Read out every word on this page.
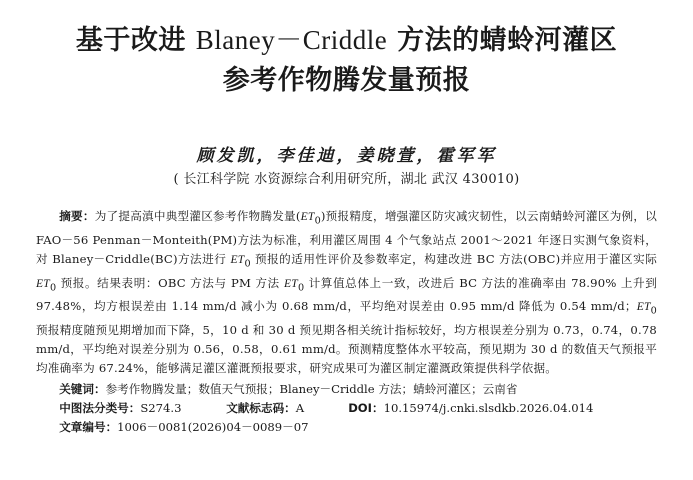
基于改进 Blaney－Criddle 方法的蜻蛉河灌区
参考作物腾发量预报
顾发凯，李佳迪，姜晓萱，霍军军
( 长江科学院 水资源综合利用研究所，湖北 武汉 430010)
摘要：为了提高滇中典型灌区参考作物腾发量$(ET_0)$预报精度，增强灌区防灾减灾韧性，以云南蜻蛉河灌区为例，以 FAO－56 Penman－Monteith(PM)方法为标准，利用灌区周围 4 个气象站点 2001～2021 年逐日实测气象资料，对 Blaney－Criddle(BC)方法进行 $ET_0$ 预报的适用性评价及参数率定，构建改进 BC 方法(OBC)并应用于灌区实际 $ET_0$ 预报。结果表明：OBC 方法与 PM 方法 $ET_0$ 计算值总体上一致，改进后 BC 方法的准确率由 78.90% 上升到 97.48%，均方根误差由 1.14 mm/d 减小为 0.68 mm/d，平均绝对误差由 0.95 mm/d 降低为 0.54 mm/d；$ET_0$ 预报精度随预见期增加而下降，5，10 d 和 30 d 预见期各相关统计指标较好，均方根误差分别为 0.73，0.74，0.78 mm/d，平均绝对误差分别为 0.56，0.58，0.61 mm/d。预测精度整体水平较高，预见期为 30 d 的数值天气预报平均准确率为 67.24%，能够满足灌区灌溉预报要求，研究成果可为灌区制定灌溉政策提供科学依据。
关键词：参考作物腾发量；数值天气预报；Blaney－Criddle 方法；蜻蛉河灌区；云南省
中图法分类号：S274.3	文献标志码：A	DOI：10.15974/j.cnki.slsdkb.2026.04.014
文章编号：1006－0081(2026)04－0089－07
